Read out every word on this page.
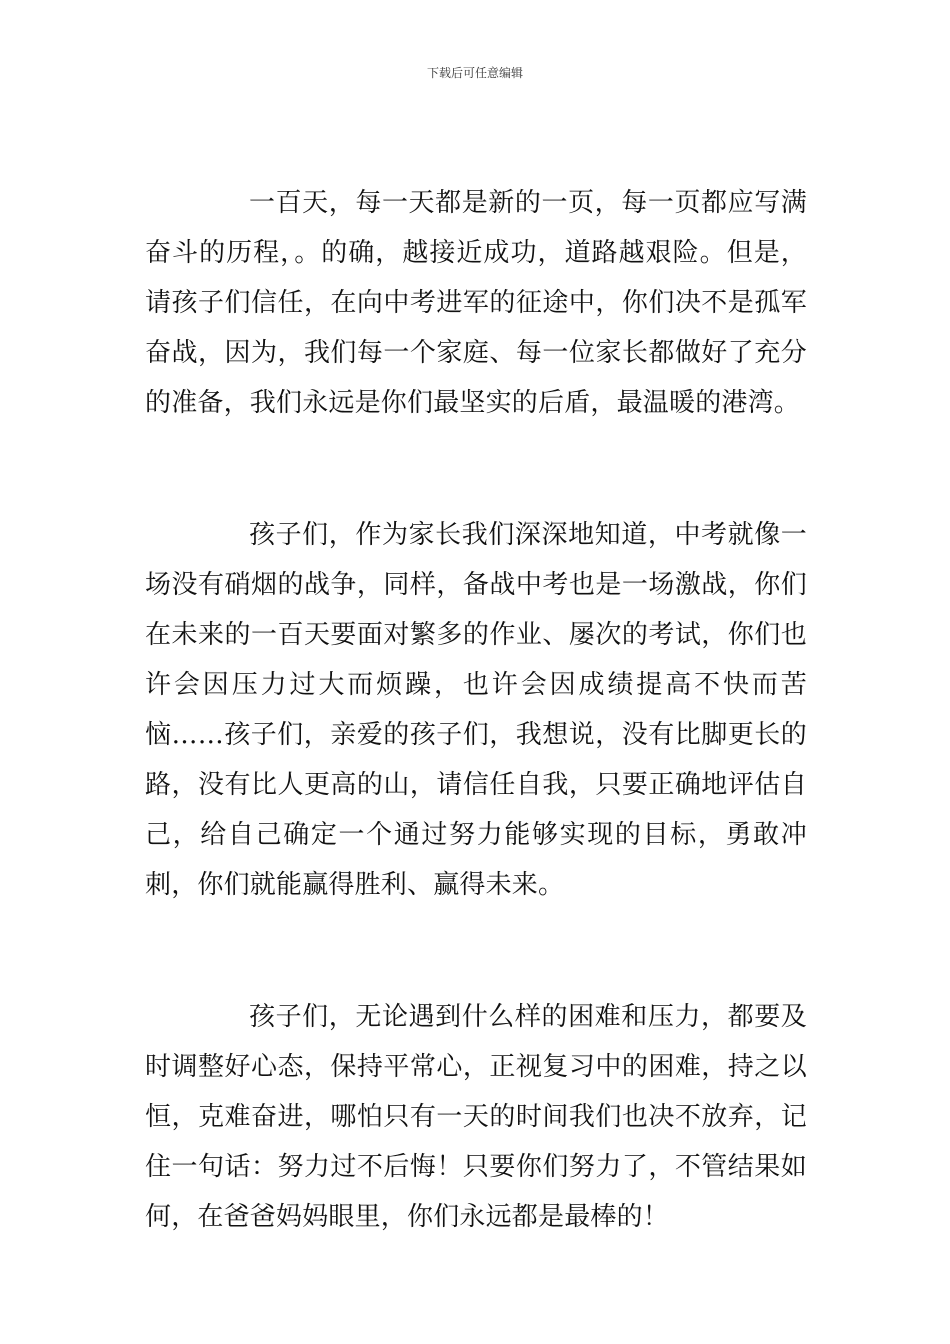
下载后可任意编辑

一百天，每一天都是新的一页，每一页都应写满奋斗的历程，。的确，越接近成功，道路越艰险。但是，请孩子们信任，在向中考进军的征途中，你们决不是孤军奋战，因为，我们每一个家庭、每一位家长都做好了充分的准备，我们永远是你们最坚实的后盾，最温暖的港湾。

孩子们，作为家长我们深深地知道，中考就像一场没有硝烟的战争，同样，备战中考也是一场激战，你们在未来的一百天要面对繁多的作业、屡次的考试，你们也许会因压力过大而烦躁，也许会因成绩提高不快而苦恼……孩子们，亲爱的孩子们，我想说，没有比脚更长的路，没有比人更高的山，请信任自我，只要正确地评估自己，给自己确定一个通过努力能够实现的目标，勇敢冲刺，你们就能赢得胜利、赢得未来。

孩子们，无论遇到什么样的困难和压力，都要及时调整好心态，保持平常心，正视复习中的困难，持之以恒，克难奋进，哪怕只有一天的时间我们也决不放弃，记住一句话：努力过不后悔！只要你们努力了，不管结果如何，在爸爸妈妈眼里，你们永远都是最棒的！
